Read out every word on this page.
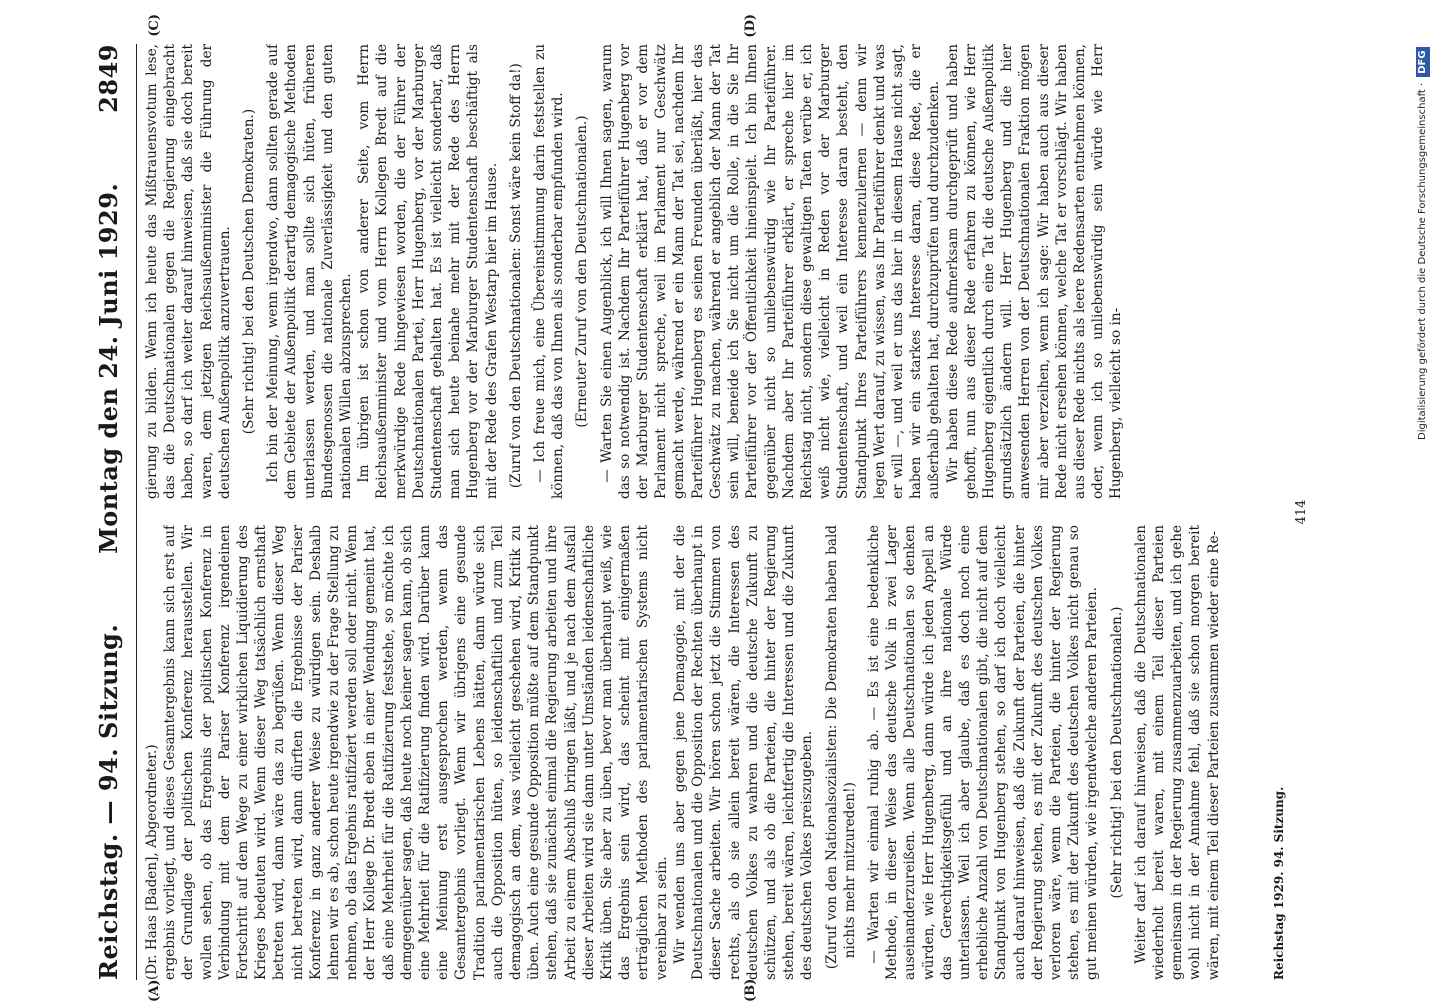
Reichstag. — 94. Sitzung.
Montag den 24. Juni 1929.
2849

(Dr. Haas [Baden], Abgeordneter.) ergebnis vorliegt, und dieses Gesamtergebnis kann sich erst auf der Grundlage der politischen Konferenz herausstellen. Wir wollen sehen, ob das Ergebnis der politischen Konferenz in Verbindung mit dem der Pariser Konferenz irgendeinen Fortschritt auf dem Wege zu einer wirklichen Liquidierung des Krieges bedeuten wird. Wenn dieser Weg tatsächlich ernsthaft betreten wird, dann wäre das zu begrüßen. Wenn dieser Weg nicht betreten wird, dann dürften die Ergebnisse der Pariser Konferenz in ganz anderer Weise zu würdigen sein. Deshalb lehnen wir es ab, schon heute irgendwie zu der Frage Stellung zu nehmen, ob das Ergebnis ratifiziert werden soll oder nicht. Wenn der Herr Kollege Dr. Bredt eben in einer Wendung gemeint hat, daß eine Mehrheit für die Ratifizierung feststehe, so möchte ich demgegenüber sagen, daß heute noch keiner sagen kann, ob sich eine Mehrheit für die Ratifizierung finden wird. Darüber kann eine Meinung erst ausgesprochen werden, wenn das Gesamtergebnis vorliegt. Wenn wir übrigens eine gesunde Tradition parlamentarischen Lebens hätten, dann würde sich auch die Opposition hüten, so leidenschaftlich und zum Teil demagogisch an dem, was vielleicht geschehen wird, Kritik zu üben. Auch eine gesunde Opposition müßte auf dem Standpunkt stehen, daß sie zunächst einmal die Regierung arbeiten und ihre Arbeit zu einem Abschluß bringen läßt, und je nach dem Ausfall dieser Arbeiten wird sie dann unter Umständen leidenschaftliche Kritik üben. Sie aber zu üben, bevor man überhaupt weiß, wie das Ergebnis sein wird, das scheint mit einigermaßen erträglichen Methoden des parlamentarischen Systems nicht vereinbar zu sein. Wir wenden uns aber gegen jene Demagogie, mit der die Deutschnationalen und die Opposition der Rechten überhaupt in dieser Sache arbeiten. Wir hören schon jetzt die Stimmen von rechts, als ob sie allein bereit wären, die Interessen des deutschen Volkes zu wahren und die deutsche Zukunft zu schützen, und als ob die Parteien, die hinter der Regierung stehen, bereit wären, leichtfertig die Interessen und die Zukunft des deutschen Volkes preiszugeben. (Zuruf von den Nationalsozialisten: Die Demokraten haben bald nichts mehr mitzureden!) — Warten wir einmal ruhig ab. — Es ist eine bedenkliche Methode, in dieser Weise das deutsche Volk in zwei Lager auseinanderzureißen. Wenn alle Deutschnationalen so denken würden, wie Herr Hugenberg, dann würde ich jeden Appell an das Gerechtigkeitsgefühl und an ihre nationale Würde unterlassen. Weil ich aber glaube, daß es doch noch eine erhebliche Anzahl von Deutschnationalen gibt, die nicht auf dem Standpunkt von Hugenberg stehen, so darf ich doch vielleicht auch darauf hinweisen, daß die Zukunft der Parteien, die hinter der Regierung stehen, es mit der Zukunft des deutschen Volkes verloren wäre, wenn die Parteien, die hinter der Regierung stehen, es mit der Zukunft des deutschen Volkes nicht genau so gut meinen würden, wie irgendwelche anderen Parteien. (Sehr richtig! bei den Deutschnationalen.) Weiter darf ich darauf hinweisen, daß die Deutschnationalen wiederholt bereit waren, mit einem Teil dieser Parteien gemeinsam in der Regierung zusammenzuarbeiten, und ich gehe wohl nicht in der Annahme fehl, daß sie schon morgen bereit wären, mit einem Teil dieser Parteien zusammen wieder eine Re-	Reichstag 1929. 94. Sitzung.

gierung zu bilden. Wenn ich heute das Mißtrauensvotum lese, das die Deutschnationalen gegen die Regierung eingebracht haben, so darf ich weiter darauf hinweisen, daß sie doch bereit waren, dem jetzigen Reichsaußenminister die Führung der deutschen Außenpolitik anzuvertrauen. (Sehr richtig! bei den Deutschen Demokraten.) Ich bin der Meinung, wenn irgendwo, dann sollten gerade auf dem Gebiete der Außenpolitik derartig demagogische Methoden unterlassen werden, und man sollte sich hüten, früheren Bundesgenossen die nationale Zuverlässigkeit und den guten nationalen Willen abzusprechen. Im übrigen ist schon von anderer Seite, vom Herrn Reichsaußenminister und vom Herrn Kollegen Bredt auf die merkwürdige Rede hingewiesen worden, die der Führer der Deutschnationalen Partei, Herr Hugenberg, vor der Marburger Studentenschaft gehalten hat. Es ist vielleicht sonderbar, daß man sich heute beinahe mehr mit der Rede des Herrn Hugenberg vor der Marburger Studentenschaft beschäftigt als mit der Rede des Grafen Westarp hier im Hause. (Zuruf von den Deutschnationalen: Sonst wäre kein Stoff da!) — Ich freue mich, eine Übereinstimmung darin feststellen zu können, daß das von Ihnen als sonderbar empfunden wird. (Erneuter Zuruf von den Deutschnationalen.) — Warten Sie einen Augenblick, ich will Ihnen sagen, warum das so notwendig ist. Nachdem Ihr Parteiführer Hugenberg vor der Marburger Studentenschaft erklärt hat, daß er vor dem Parlament nicht spreche, weil im Parlament nur Geschwätz gemacht werde, während er ein Mann der Tat sei, nachdem Ihr Parteiführer Hugenberg es seinen Freunden überläßt, hier das Geschwätz zu machen, während er angeblich der Mann der Tat sein will, beneide ich Sie nicht um die Rolle, in die Sie Ihr Parteiführer vor der Öffentlichkeit hineinspielt. Ich bin Ihnen gegenüber nicht so unliebenswürdig wie Ihr Parteiführer. Nachdem aber Ihr Parteiführer erklärt, er spreche hier im Reichstag nicht, sondern diese gewaltigen Taten verübe er, ich weiß nicht wie, vielleicht in Reden vor der Marburger Studentenschaft, und weil ein Interesse daran besteht, den Standpunkt Ihres Parteiführers kennenzulernen — denn wir legen Wert darauf, zu wissen, was Ihr Parteiführer denkt und was er will —, und weil er uns das hier in diesem Hause nicht sagt, haben wir ein starkes Interesse daran, diese Rede, die er außerhalb gehalten hat, durchzuprüfen und durchzudenken. Wir haben diese Rede aufmerksam durchgeprüft und haben gehofft, nun aus dieser Rede erfahren zu können, wie Herr Hugenberg eigentlich durch eine Tat die deutsche Außenpolitik grundsätzlich ändern will. Herr Hugenberg und die hier anwesenden Herren von der Deutschnationalen Fraktion mögen mir aber verzeihen, wenn ich sage: Wir haben auch aus dieser Rede nicht ersehen können, welche Tat er vorschlägt. Wir haben aus dieser Rede nichts als leere Redensarten entnehmen können, oder, wenn ich so unliebenswürdig sein würde wie Herr Hugenberg, vielleicht so in-

(A)	(B)
(C)	(D)
414
Digitalisierung gefördert durch die Deutsche Forschungsgemeinschaft ·DFG
